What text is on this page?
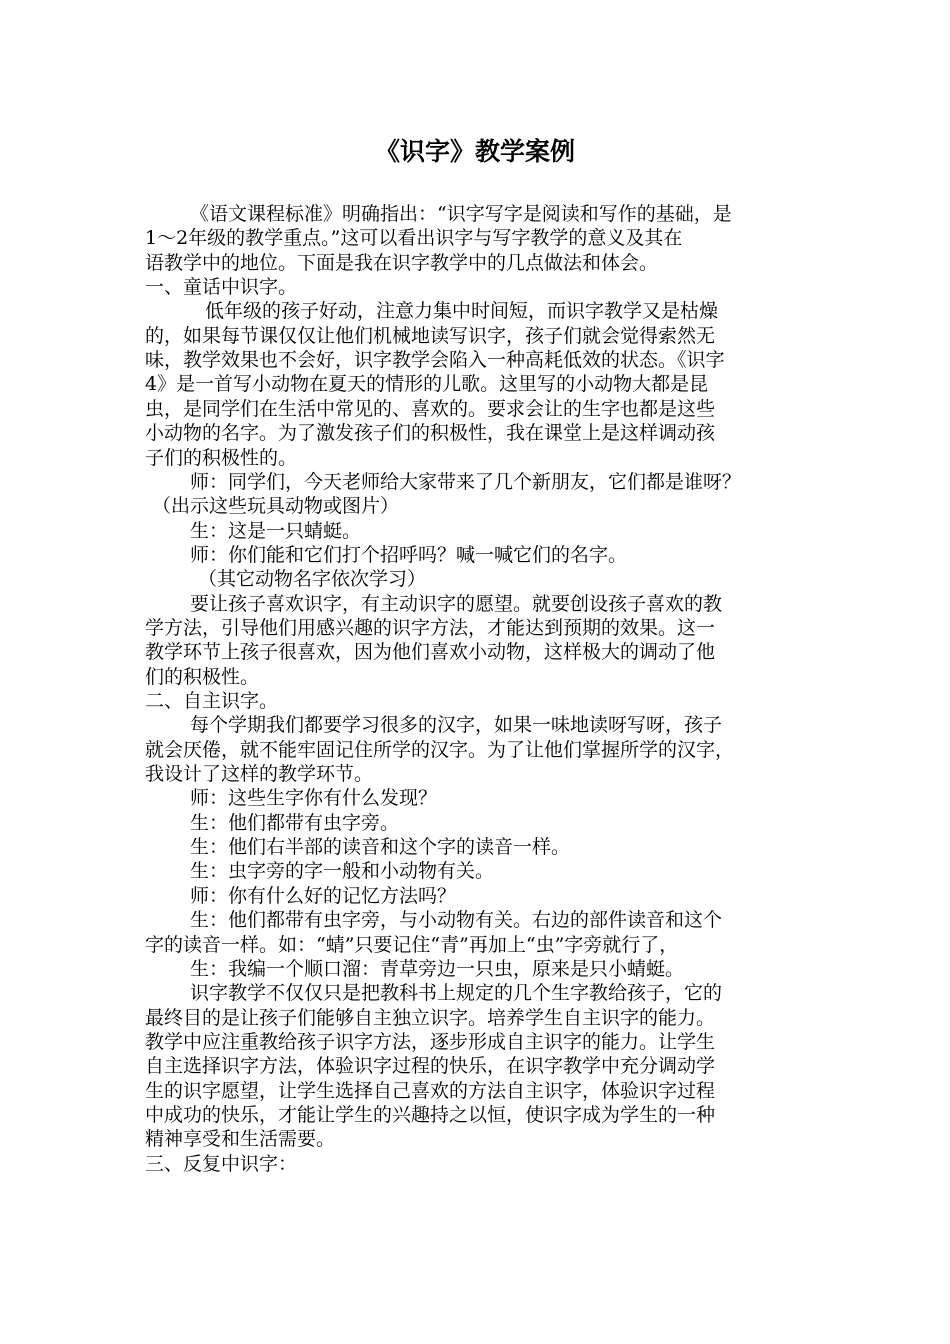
《识字》教学案例
《语文课程标准》明确指出：“识字写字是阅读和写作的基础，是
1～2年级的教学重点。”这可以看出识字与写字教学的意义及其在
语教学中的地位。下面是我在识字教学中的几点做法和体会。
一、童话中识字。
低年级的孩子好动，注意力集中时间短，而识字教学又是枯燥
的，如果每节课仅仅让他们机械地读写识字，孩子们就会觉得索然无
味，教学效果也不会好，识字教学会陷入一种高耗低效的状态。《识字
4》是一首写小动物在夏天的情形的儿歌。这里写的小动物大都是昆
虫，是同学们在生活中常见的、喜欢的。要求会让的生字也都是这些
小动物的名字。为了激发孩子们的积极性，我在课堂上是这样调动孩
子们的积极性的。
师：同学们，今天老师给大家带来了几个新朋友，它们都是谁呀？
（出示这些玩具动物或图片）
生：这是一只蜻蜓。
师：你们能和它们打个招呼吗？喊一喊它们的名字。
（其它动物名字依次学习）
要让孩子喜欢识字，有主动识字的愿望。就要创设孩子喜欢的教
学方法，引导他们用感兴趣的识字方法，才能达到预期的效果。这一
教学环节上孩子很喜欢，因为他们喜欢小动物，这样极大的调动了他
们的积极性。
二、自主识字。
每个学期我们都要学习很多的汉字，如果一味地读呀写呀，孩子
就会厌倦，就不能牢固记住所学的汉字。为了让他们掌握所学的汉字，
我设计了这样的教学环节。
师：这些生字你有什么发现？
生：他们都带有虫字旁。
生：他们右半部的读音和这个字的读音一样。
生：虫字旁的字一般和小动物有关。
师：你有什么好的记忆方法吗？
生：他们都带有虫字旁，与小动物有关。右边的部件读音和这个
字的读音一样。如：“蜻”只要记住“青”再加上“虫”字旁就行了，
生：我编一个顺口溜：青草旁边一只虫，原来是只小蜻蜓。
识字教学不仅仅只是把教科书上规定的几个生字教给孩子，它的
最终目的是让孩子们能够自主独立识字。培养学生自主识字的能力。
教学中应注重教给孩子识字方法，逐步形成自主识字的能力。让学生
自主选择识字方法，体验识字过程的快乐，在识字教学中充分调动学
生的识字愿望，让学生选择自己喜欢的方法自主识字，体验识字过程
中成功的快乐，才能让学生的兴趣持之以恒，使识字成为学生的一种
精神享受和生活需要。
三、反复中识字：
